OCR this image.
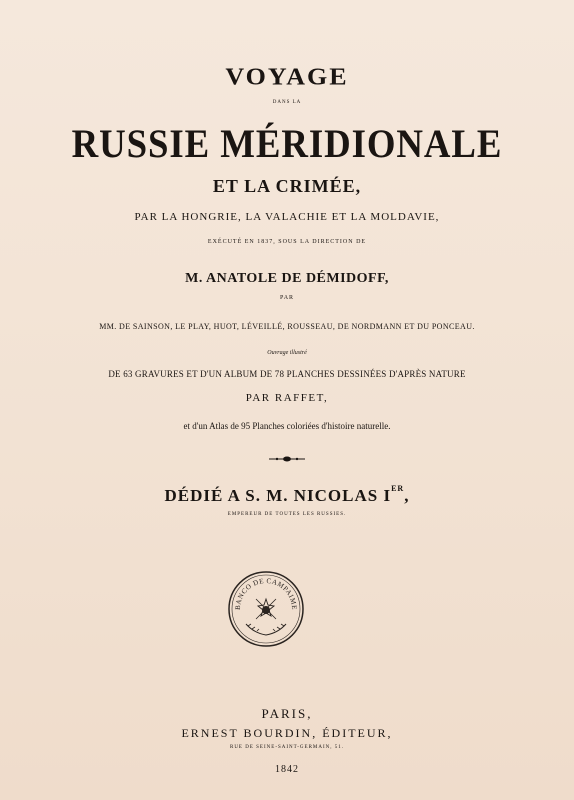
VOYAGE
DANS LA
RUSSIE MÉRIDIONALE
ET LA CRIMÉE,
PAR LA HONGRIE, LA VALACHIE ET LA MOLDAVIE,
EXÉCUTÉ EN 1837, SOUS LA DIRECTION DE
M. ANATOLE DE DÉMIDOFF,
PAR
MM. DE SAINSON, LE PLAY, HUOT, LÉVEILLÉ, ROUSSEAU, DE NORDMANN ET DU PONCEAU.
Ouvrage illustré
DE 63 GRAVURES ET D'UN ALBUM DE 78 PLANCHES DESSINÉES D'APRÈS NATURE
PAR RAFFET,
et d'un Atlas de 95 Planches coloriées d'histoire naturelle.
DÉDIÉ A S. M. NICOLAS IER,
EMPEREUR DE TOUTES LES RUSSIES.
BANCO DE CAMPAIME
PARIS,
ERNEST BOURDIN, ÉDITEUR,
RUE DE SEINE-SAINT-GERMAIN, 51.
1842
